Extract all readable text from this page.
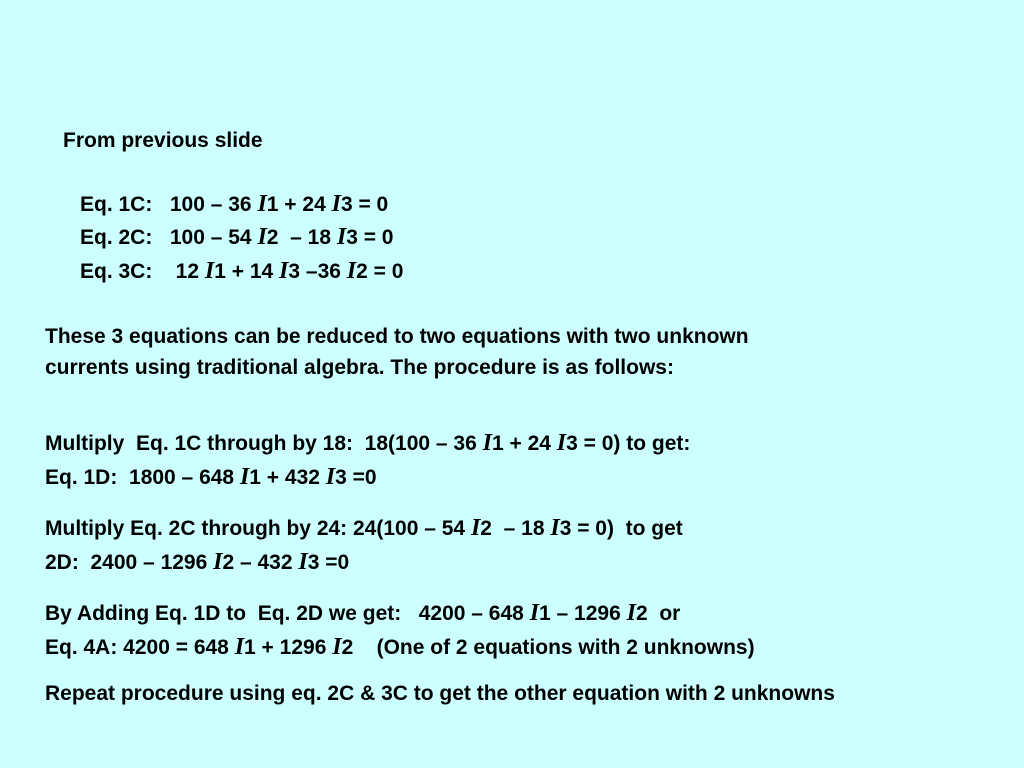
From previous slide
Eq. 1C:   100 – 36 I1 + 24 I3 = 0
Eq. 2C:   100 – 54 I2  – 18 I3 = 0
Eq. 3C:    12 I1 + 14 I3 –36 I2 = 0
These 3 equations can be reduced to two equations with two unknown
currents using traditional algebra. The procedure is as follows:
Multiply  Eq. 1C through by 18:  18(100 – 36 I1 + 24 I3 = 0) to get:
Eq. 1D:  1800 – 648 I1 + 432 I3 =0
Multiply Eq. 2C through by 24: 24(100 – 54 I2  – 18 I3 = 0)  to get
2D:  2400 – 1296 I2 – 432 I3 =0
By Adding Eq. 1D to  Eq. 2D we get:   4200 – 648 I1 – 1296 I2  or
Eq. 4A: 4200 = 648 I1 + 1296 I2    (One of 2 equations with 2 unknowns)
Repeat procedure using eq. 2C & 3C to get the other equation with 2 unknowns
